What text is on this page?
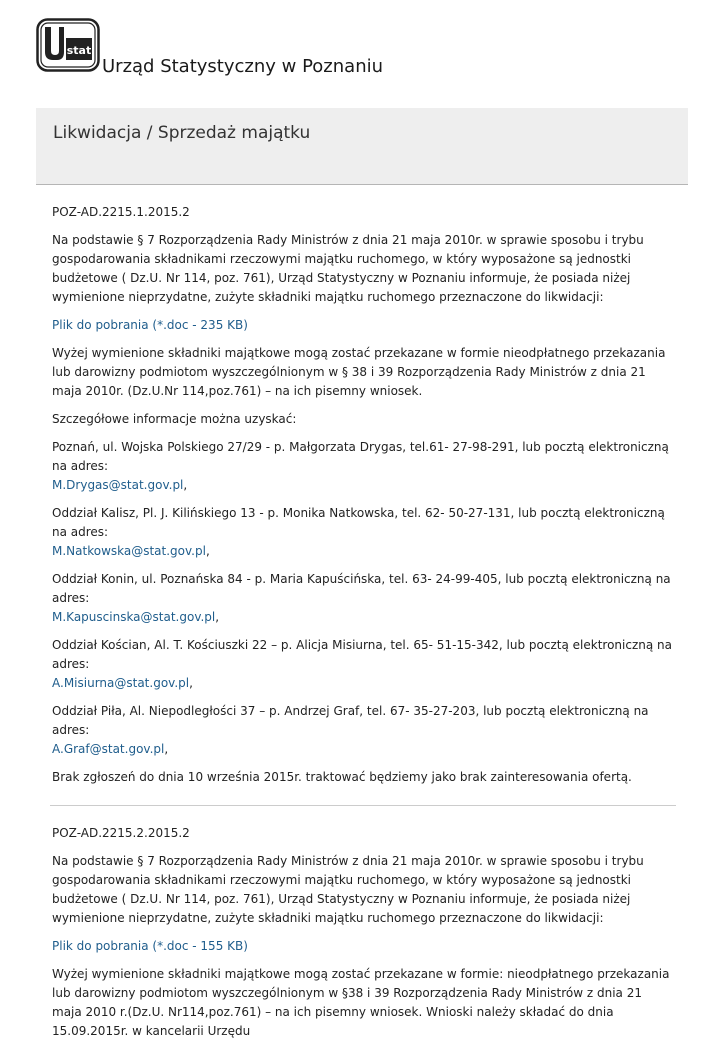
stat
Urząd Statystyczny w Poznaniu
Likwidacja / Sprzedaż majątku

POZ-AD.2215.1.2015.2

Na podstawie § 7 Rozporządzenia Rady Ministrów z dnia 21 maja 2010r. w sprawie sposobu i trybu gospodarowania składnikami rzeczowymi majątku ruchomego, w który wyposażone są jednostki budżetowe ( Dz.U. Nr 114, poz. 761), Urząd Statystyczny w Poznaniu informuje, że posiada niżej wymienione nieprzydatne, zużyte składniki majątku ruchomego przeznaczone do likwidacji:

Plik do pobrania (*.doc - 235 KB)

Wyżej wymienione składniki majątkowe mogą zostać przekazane w formie nieodpłatnego przekazania lub darowizny podmiotom wyszczególnionym w § 38 i 39 Rozporządzenia Rady Ministrów z dnia 21 maja 2010r. (Dz.U.Nr 114,poz.761) – na ich pisemny wniosek.

Szczegółowe informacje można uzyskać:

Poznań, ul. Wojska Polskiego 27/29 - p. Małgorzata Drygas, tel.61- 27-98-291, lub pocztą elektroniczną na adres:
M.Drygas@stat.gov.pl,

Oddział Kalisz, Pl. J. Kilińskiego 13 - p. Monika Natkowska, tel. 62- 50-27-131, lub pocztą elektroniczną na adres:
M.Natkowska@stat.gov.pl,

Oddział Konin, ul. Poznańska 84 - p. Maria Kapuścińska, tel. 63- 24-99-405, lub pocztą elektroniczną na adres:
M.Kapuscinska@stat.gov.pl,

Oddział Kościan, Al. T. Kościuszki 22 – p. Alicja Misiurna, tel. 65- 51-15-342, lub pocztą elektroniczną na adres:
A.Misiurna@stat.gov.pl,

Oddział Piła, Al. Niepodległości 37 – p. Andrzej Graf, tel. 67- 35-27-203, lub pocztą elektroniczną na adres:
A.Graf@stat.gov.pl,

Brak zgłoszeń do dnia 10 września 2015r. traktować będziemy jako brak zainteresowania ofertą.

POZ-AD.2215.2.2015.2

Na podstawie § 7 Rozporządzenia Rady Ministrów z dnia 21 maja 2010r. w sprawie sposobu i trybu gospodarowania składnikami rzeczowymi majątku ruchomego, w który wyposażone są jednostki budżetowe ( Dz.U. Nr 114, poz. 761), Urząd Statystyczny w Poznaniu informuje, że posiada niżej wymienione nieprzydatne, zużyte składniki majątku ruchomego przeznaczone do likwidacji:

Plik do pobrania (*.doc - 155 KB)

Wyżej wymienione składniki majątkowe mogą zostać przekazane w formie: nieodpłatnego przekazania lub darowizny podmiotom wyszczególnionym w §38 i 39 Rozporządzenia Rady Ministrów z dnia 21 maja 2010 r.(Dz.U. Nr114,poz.761) – na ich pisemny wniosek. Wnioski należy składać do dnia 15.09.2015r. w kancelarii Urzędu
